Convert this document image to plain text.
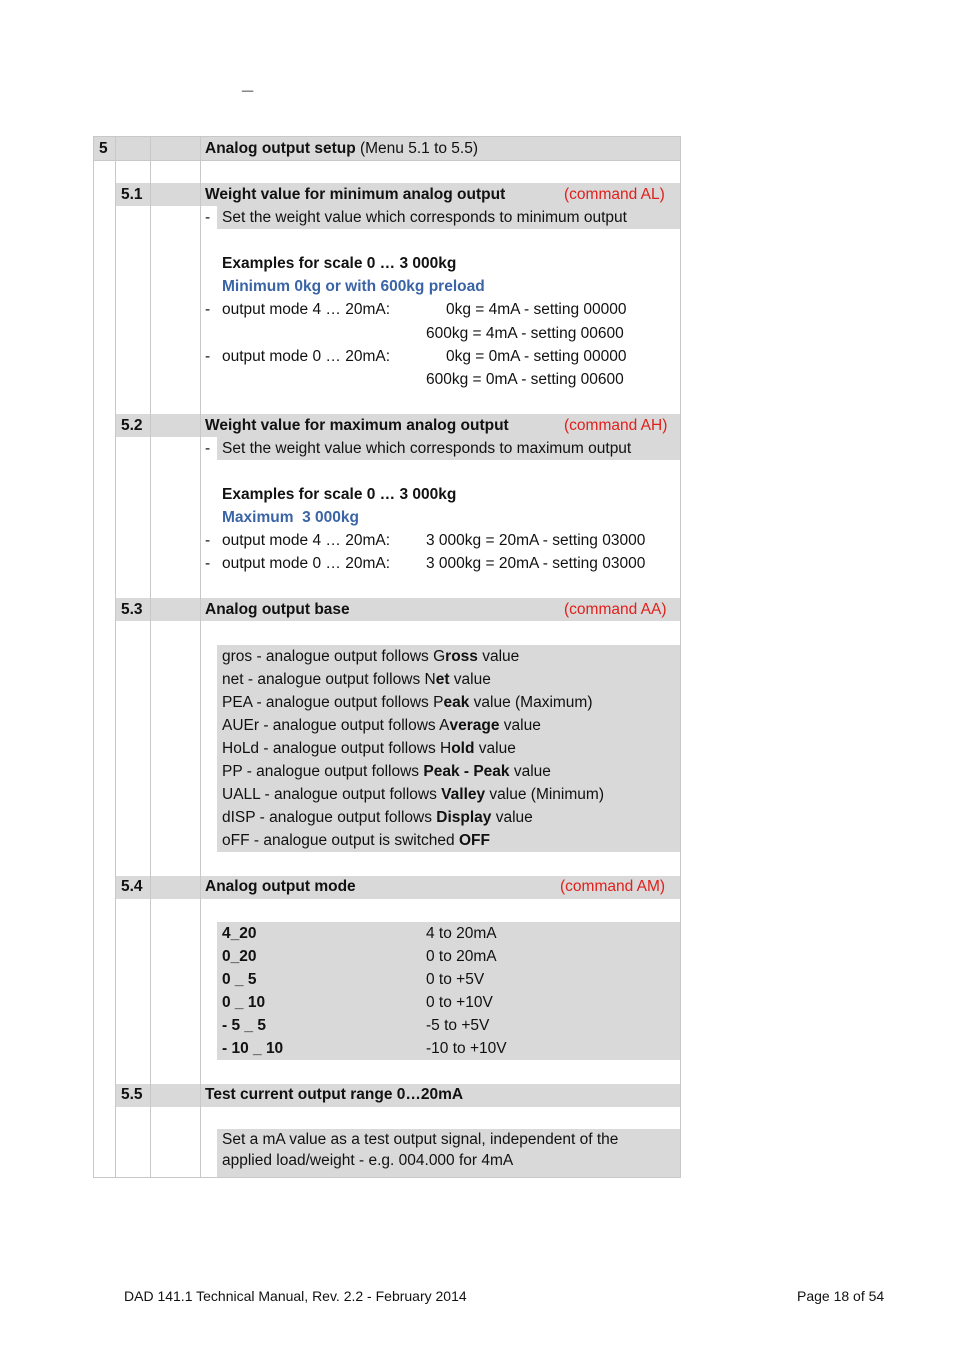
_
5	Analog output setup (Menu 5.1 to 5.5)
5.1	Weight value for minimum analog output	(command AL)
- Set the weight value which corresponds to minimum output
Examples for scale 0 … 3 000kg
Minimum 0kg or with 600kg preload
- output mode 4 … 20mA:	0kg = 4mA - setting 00000
600kg = 4mA - setting 00600
- output mode 0 … 20mA:	0kg = 0mA - setting 00000
600kg = 0mA - setting 00600
5.2	Weight value for maximum analog output	(command AH)
- Set the weight value which corresponds to maximum output
Examples for scale 0 … 3 000kg
Maximum  3 000kg
- output mode 4 … 20mA: 3 000kg = 20mA - setting 03000
- output mode 0 … 20mA: 3 000kg = 20mA - setting 03000
5.3	Analog output base	(command AA)
gros - analogue output follows Gross value
net - analogue output follows Net value
PEA - analogue output follows Peak value (Maximum)
AUEr - analogue output follows Average value
HoLd - analogue output follows Hold value
PP - analogue output follows Peak - Peak value
UALL - analogue output follows Valley value (Minimum)
dISP - analogue output follows Display value
oFF - analogue output is switched OFF
5.4	Analog output mode	(command AM)
4_20	4 to 20mA
0_20	0 to 20mA
0 _ 5	0 to +5V
0 _ 10	0 to +10V
- 5 _ 5	-5 to +5V
- 10 _ 10	-10 to +10V
5.5	Test current output range 0…20mA
Set a mA value as a test output signal, independent of the
applied load/weight - e.g. 004.000 for 4mA
DAD 141.1 Technical Manual, Rev. 2.2 - February 2014	Page 18 of 54
